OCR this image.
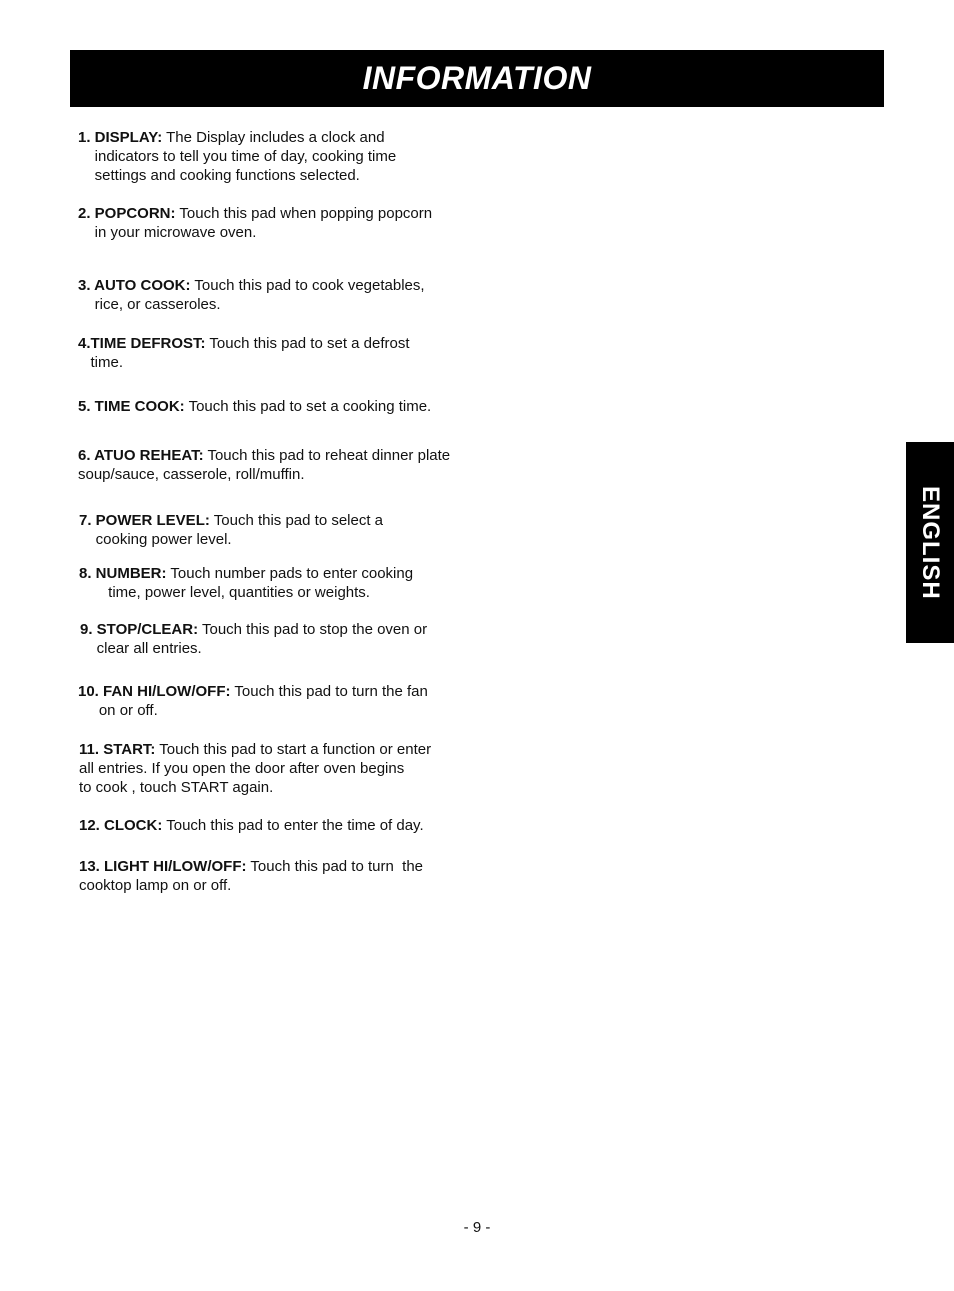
INFORMATION
ENGLISH

1. DISPLAY: The Display includes a clock and
indicators to tell you time of day, cooking time
settings and cooking functions selected.

2. POPCORN: Touch this pad when popping popcorn
in your microwave oven.

3. AUTO COOK: Touch this pad to cook vegetables,
rice, or casseroles.

4.TIME DEFROST: Touch this pad to set a defrost
time.

5. TIME COOK: Touch this pad to set a cooking time.

6. ATUO REHEAT: Touch this pad to reheat dinner plate
soup/sauce, casserole, roll/muffin.

7. POWER LEVEL: Touch this pad to select a
cooking power level.

8. NUMBER: Touch number pads to enter cooking
time, power level, quantities or weights.

9. STOP/CLEAR: Touch this pad to stop the oven or
clear all entries.

10. FAN HI/LOW/OFF: Touch this pad to turn the fan
on or off.

11. START: Touch this pad to start a function or enter
all entries. If you open the door after oven begins
to cook , touch START again.

12. CLOCK: Touch this pad to enter the time of day.

13. LIGHT HI/LOW/OFF: Touch this pad to turn  the
cooktop lamp on or off.

- 9 -
